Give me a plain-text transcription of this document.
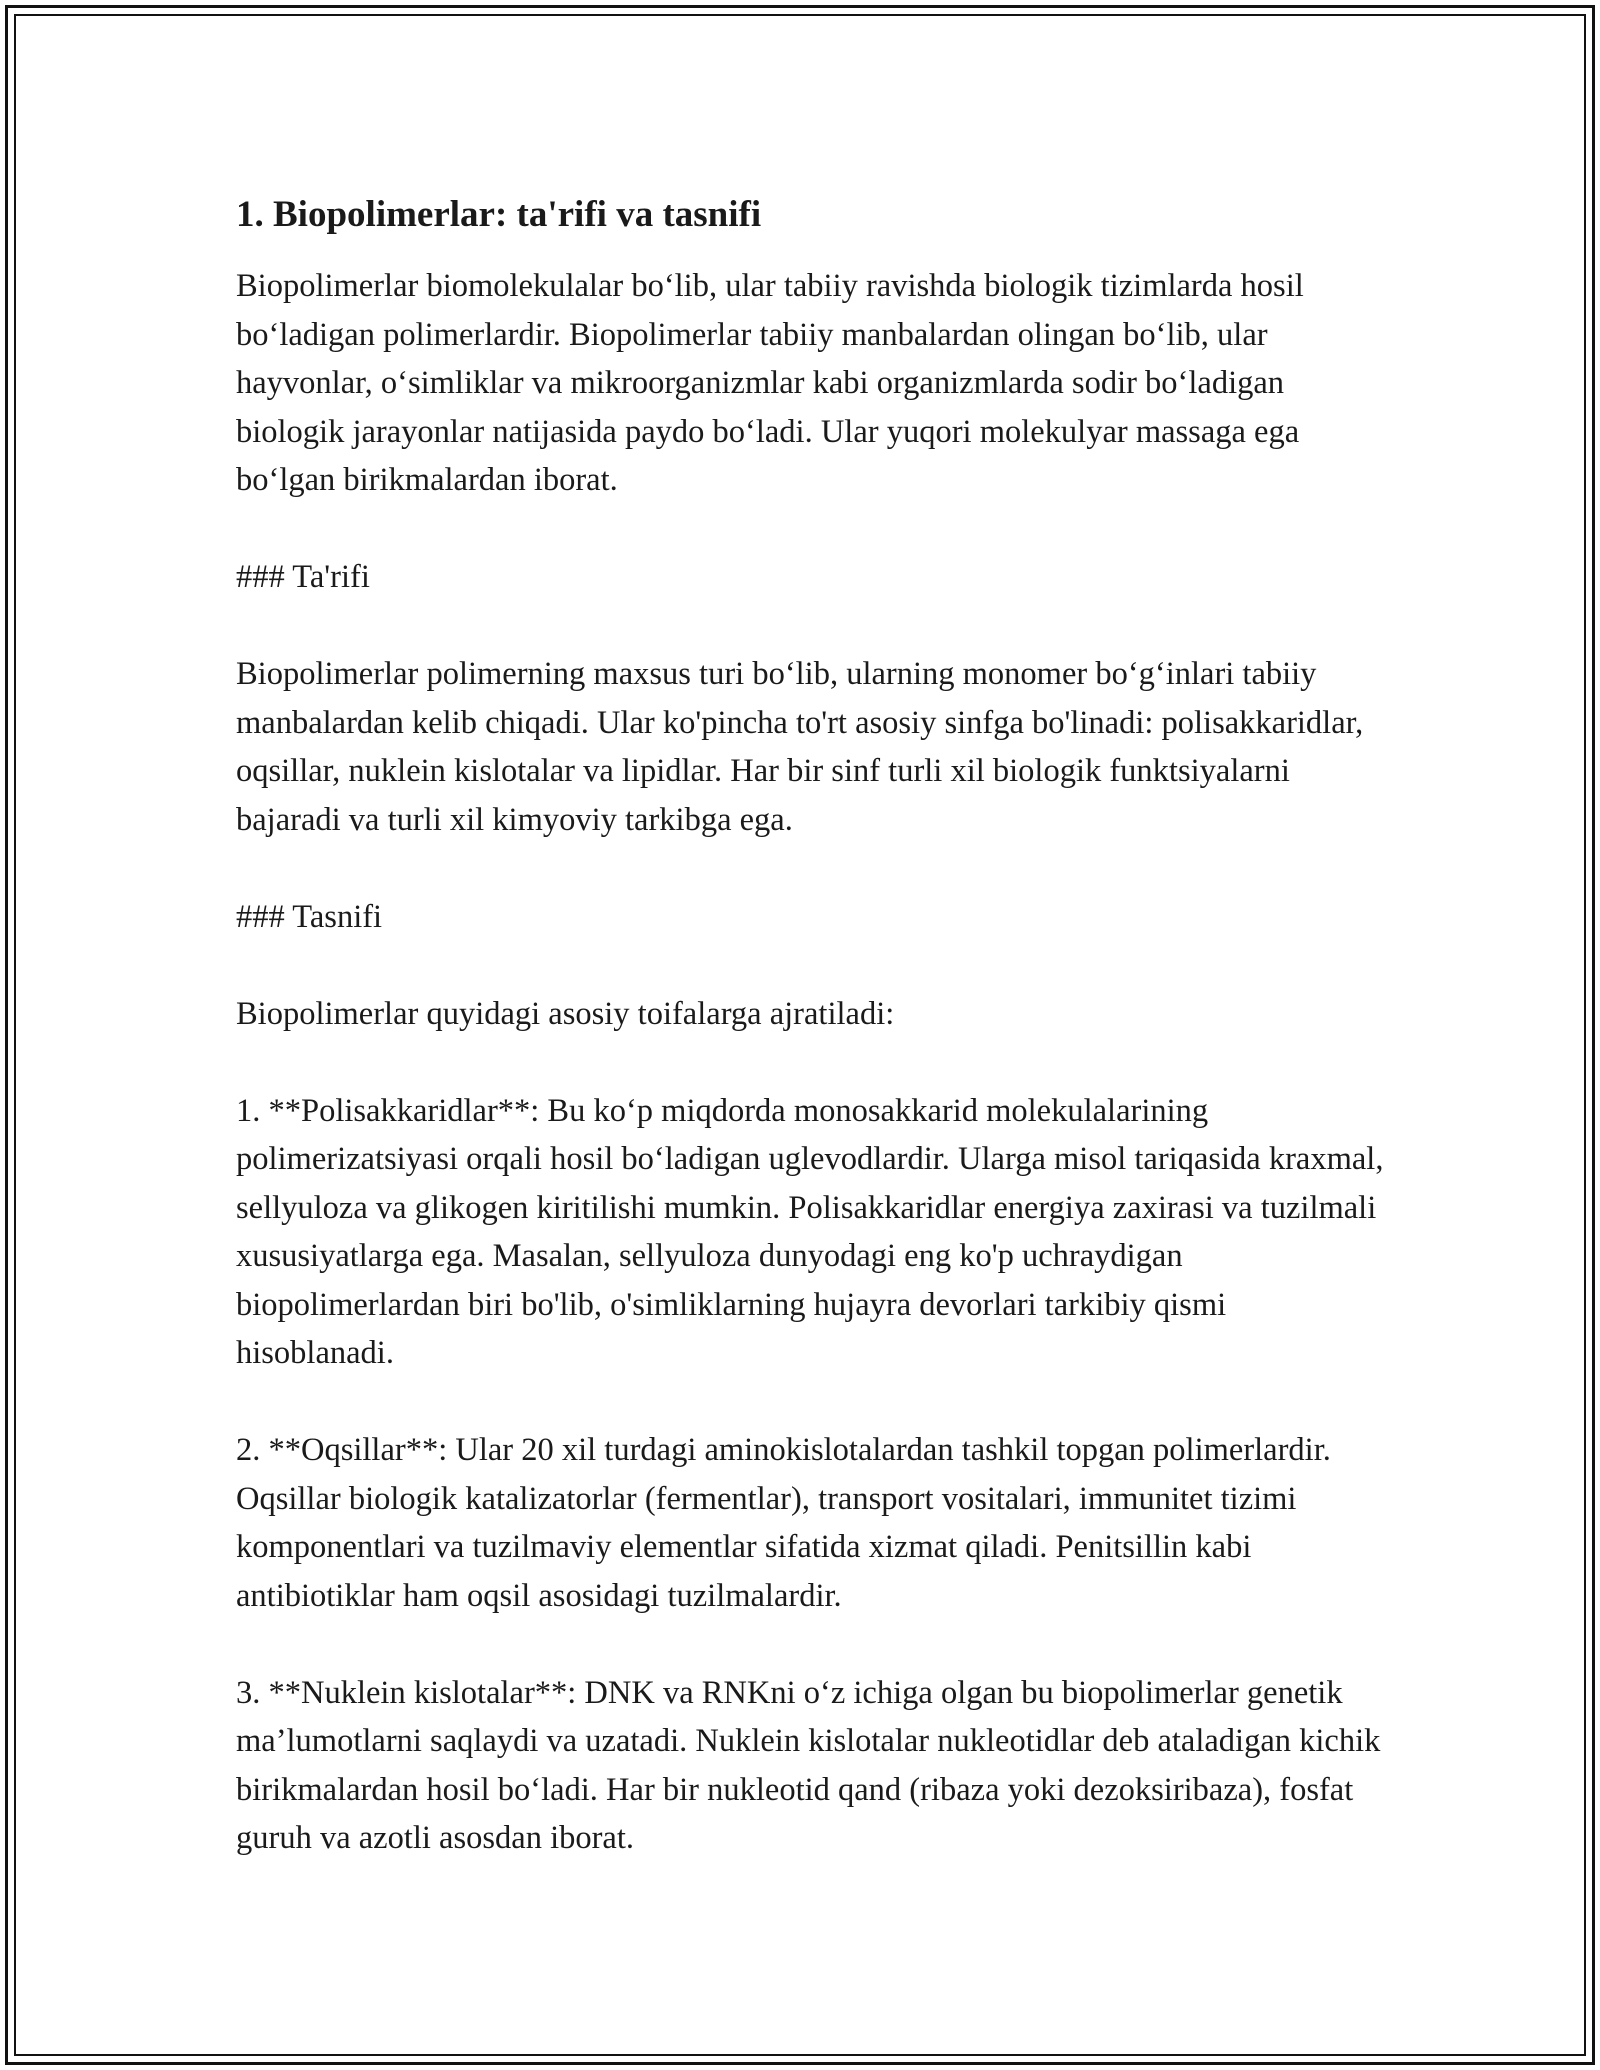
1. Biopolimerlar: ta'rifi va tasnifi

Biopolimerlar biomolekulalar bo‘lib, ular tabiiy ravishda biologik tizimlarda hosil bo‘ladigan polimerlardir. Biopolimerlar tabiiy manbalardan olingan bo‘lib, ular hayvonlar, o‘simliklar va mikroorganizmlar kabi organizmlarda sodir bo‘ladigan biologik jarayonlar natijasida paydo bo‘ladi. Ular yuqori molekulyar massaga ega bo‘lgan birikmalardan iborat.

### Ta'rifi

Biopolimerlar polimerning maxsus turi bo‘lib, ularning monomer bo‘g‘inlari tabiiy manbalardan kelib chiqadi. Ular ko'pincha to'rt asosiy sinfga bo'linadi: polisakkaridlar, oqsillar, nuklein kislotalar va lipidlar. Har bir sinf turli xil biologik funktsiyalarni bajaradi va turli xil kimyoviy tarkibga ega.

### Tasnifi

Biopolimerlar quyidagi asosiy toifalarga ajratiladi:

1. **Polisakkaridlar**: Bu ko‘p miqdorda monosakkarid molekulalarining polimerizatsiyasi orqali hosil bo‘ladigan uglevodlardir. Ularga misol tariqasida kraxmal, sellyuloza va glikogen kiritilishi mumkin. Polisakkaridlar energiya zaxirasi va tuzilmali xususiyatlarga ega. Masalan, sellyuloza dunyodagi eng ko'p uchraydigan biopolimerlardan biri bo'lib, o'simliklarning hujayra devorlari tarkibiy qismi hisoblanadi.

2. **Oqsillar**: Ular 20 xil turdagi aminokislotalardan tashkil topgan polimerlardir. Oqsillar biologik katalizatorlar (fermentlar), transport vositalari, immunitet tizimi komponentlari va tuzilmaviy elementlar sifatida xizmat qiladi. Penitsillin kabi antibiotiklar ham oqsil asosidagi tuzilmalardir.

3. **Nuklein kislotalar**: DNK va RNKni o‘z ichiga olgan bu biopolimerlar genetik ma’lumotlarni saqlaydi va uzatadi. Nuklein kislotalar nukleotidlar deb ataladigan kichik birikmalardan hosil bo‘ladi. Har bir nukleotid qand (ribaza yoki dezoksiribaza), fosfat guruh va azotli asosdan iborat.
